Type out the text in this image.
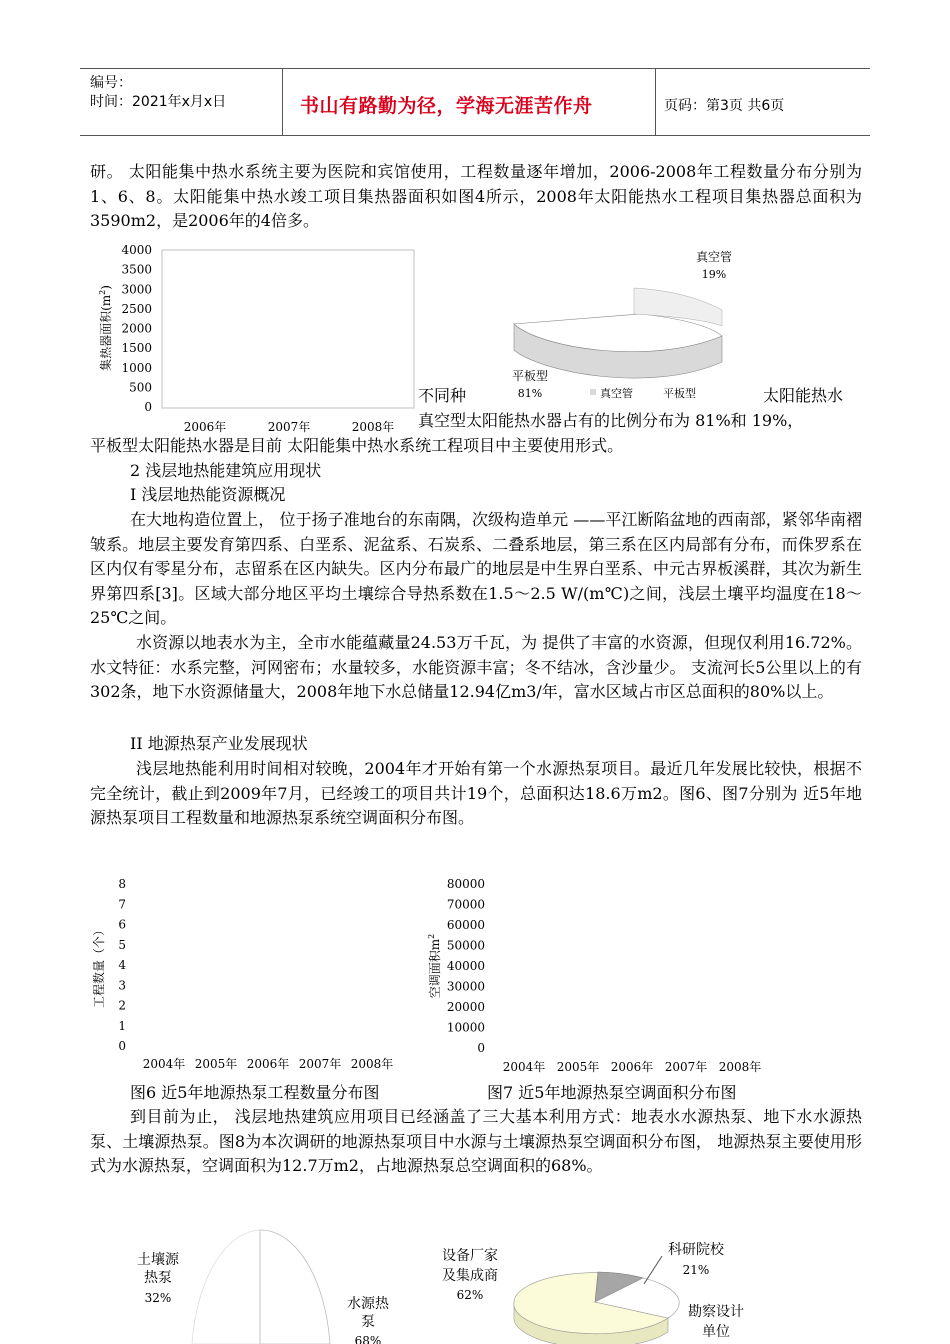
编号：
时间：2021年x月x日	书山有路勤为径，学海无涯苦作舟	页码：第3页 共6页
研。 太阳能集中热水系统主要为医院和宾馆使用，工程数量逐年增加，2006-2008年工程数量分布分别为1、6、8。太阳能集中热水竣工项目集热器面积如图4所示，2008年太阳能热水工程项目集热器总面积为3590m2，是2006年的4倍多。
集热器面积$(m^2)$
4000
3500
3000
2500
2000
1500
1000
500
0
2006年	2007年	2008年
真空管
19%
平板型
81%	真空管	平板型
不同种	太阳能热水
真空型太阳能热水器占有的比例分布为 81%和 19%，
平板型太阳能热水器是目前 太阳能集中热水系统工程项目中主要使用形式。
2 浅层地热能建筑应用现状
I 浅层地热能资源概况
在大地构造位置上， 位于扬子准地台的东南隅，次级构造单元 ——平江断陷盆地的西南部，紧邻华南褶皱系。地层主要发育第四系、白垩系、泥盆系、石炭系、二叠系地层，第三系在区内局部有分布，而侏罗系在区内仅有零星分布，志留系在区内缺失。区内分布最广的地层是中生界白垩系、中元古界板溪群，其次为新生界第四系[3]。区域大部分地区平均土壤综合导热系数在1.5～2.5 W/(m℃)之间，浅层土壤平均温度在18～25℃之间。
水资源以地表水为主，全市水能蕴藏量24.53万千瓦，为 提供了丰富的水资源，但现仅利用16.72%。 水文特征：水系完整，河网密布；水量较多，水能资源丰富；冬不结冰，含沙量少。 支流河长5公里以上的有302条，地下水资源储量大，2008年地下水总储量12.94亿m3/年，富水区域占市区总面积的80%以上。
II 地源热泵产业发展现状
浅层地热能利用时间相对较晚，2004年才开始有第一个水源热泵项目。最近几年发展比较快，根据不完全统计，截止到2009年7月，已经竣工的项目共计19个，总面积达18.6万m2。图6、图7分别为 近5年地源热泵项目工程数量和地源热泵系统空调面积分布图。
工程数量（个）
8
7
6
5
4
3
2
1
0
2004年 2005年 2006年 2007年 2008年
空调面积$m^2$
80000
70000
60000
50000
40000
30000
20000
10000
0
2004年 2005年 2006年 2007年 2008年
图6 近5年地源热泵工程数量分布图	图7 近5年地源热泵空调面积分布图
到目前为止， 浅层地热建筑应用项目已经涵盖了三大基本利用方式：地表水水源热泵、地下水水源热泵、土壤源热泵。图8为本次调研的地源热泵项目中水源与土壤源热泵空调面积分布图， 地源热泵主要使用形式为水源热泵，空调面积为12.7万m2，占地源热泵总空调面积的68%。
土壤源热泵
32%	水源热泵
68%
设备厂家及集成商
62%
科研院校
21%
勘察设计单位
